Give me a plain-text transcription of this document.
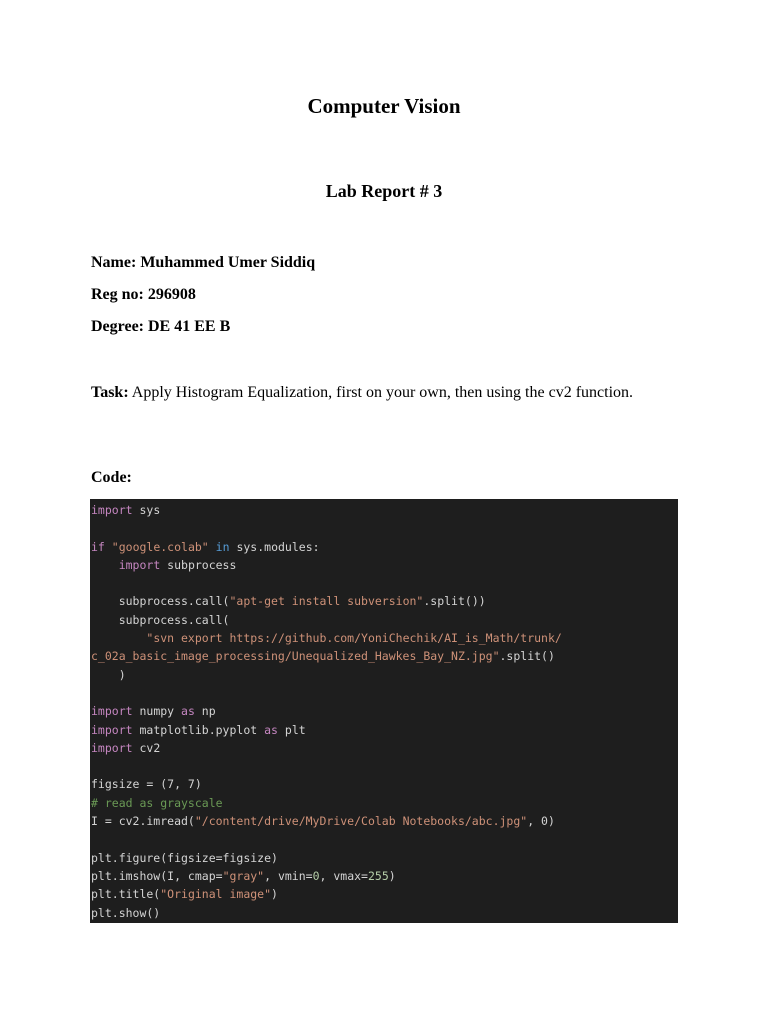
Computer Vision
Lab Report # 3
Name: Muhammed Umer Siddiq
Reg no: 296908
Degree: DE 41 EE B
Task: Apply Histogram Equalization, first on your own, then using the cv2 function.
Code:
import sys

if "google.colab" in sys.modules:
import subprocess

subprocess.call("apt-get install subversion".split())
subprocess.call(
"svn export https://github.com/YoniChechik/AI_is_Math/trunk/
c_02a_basic_image_processing/Unequalized_Hawkes_Bay_NZ.jpg".split()
)

import numpy as np
import matplotlib.pyplot as plt
import cv2

figsize = (7, 7)
# read as grayscale
I = cv2.imread("/content/drive/MyDrive/Colab Notebooks/abc.jpg", 0)

plt.figure(figsize=figsize)
plt.imshow(I, cmap="gray", vmin=0, vmax=255)
plt.title("Original image")
plt.show()
